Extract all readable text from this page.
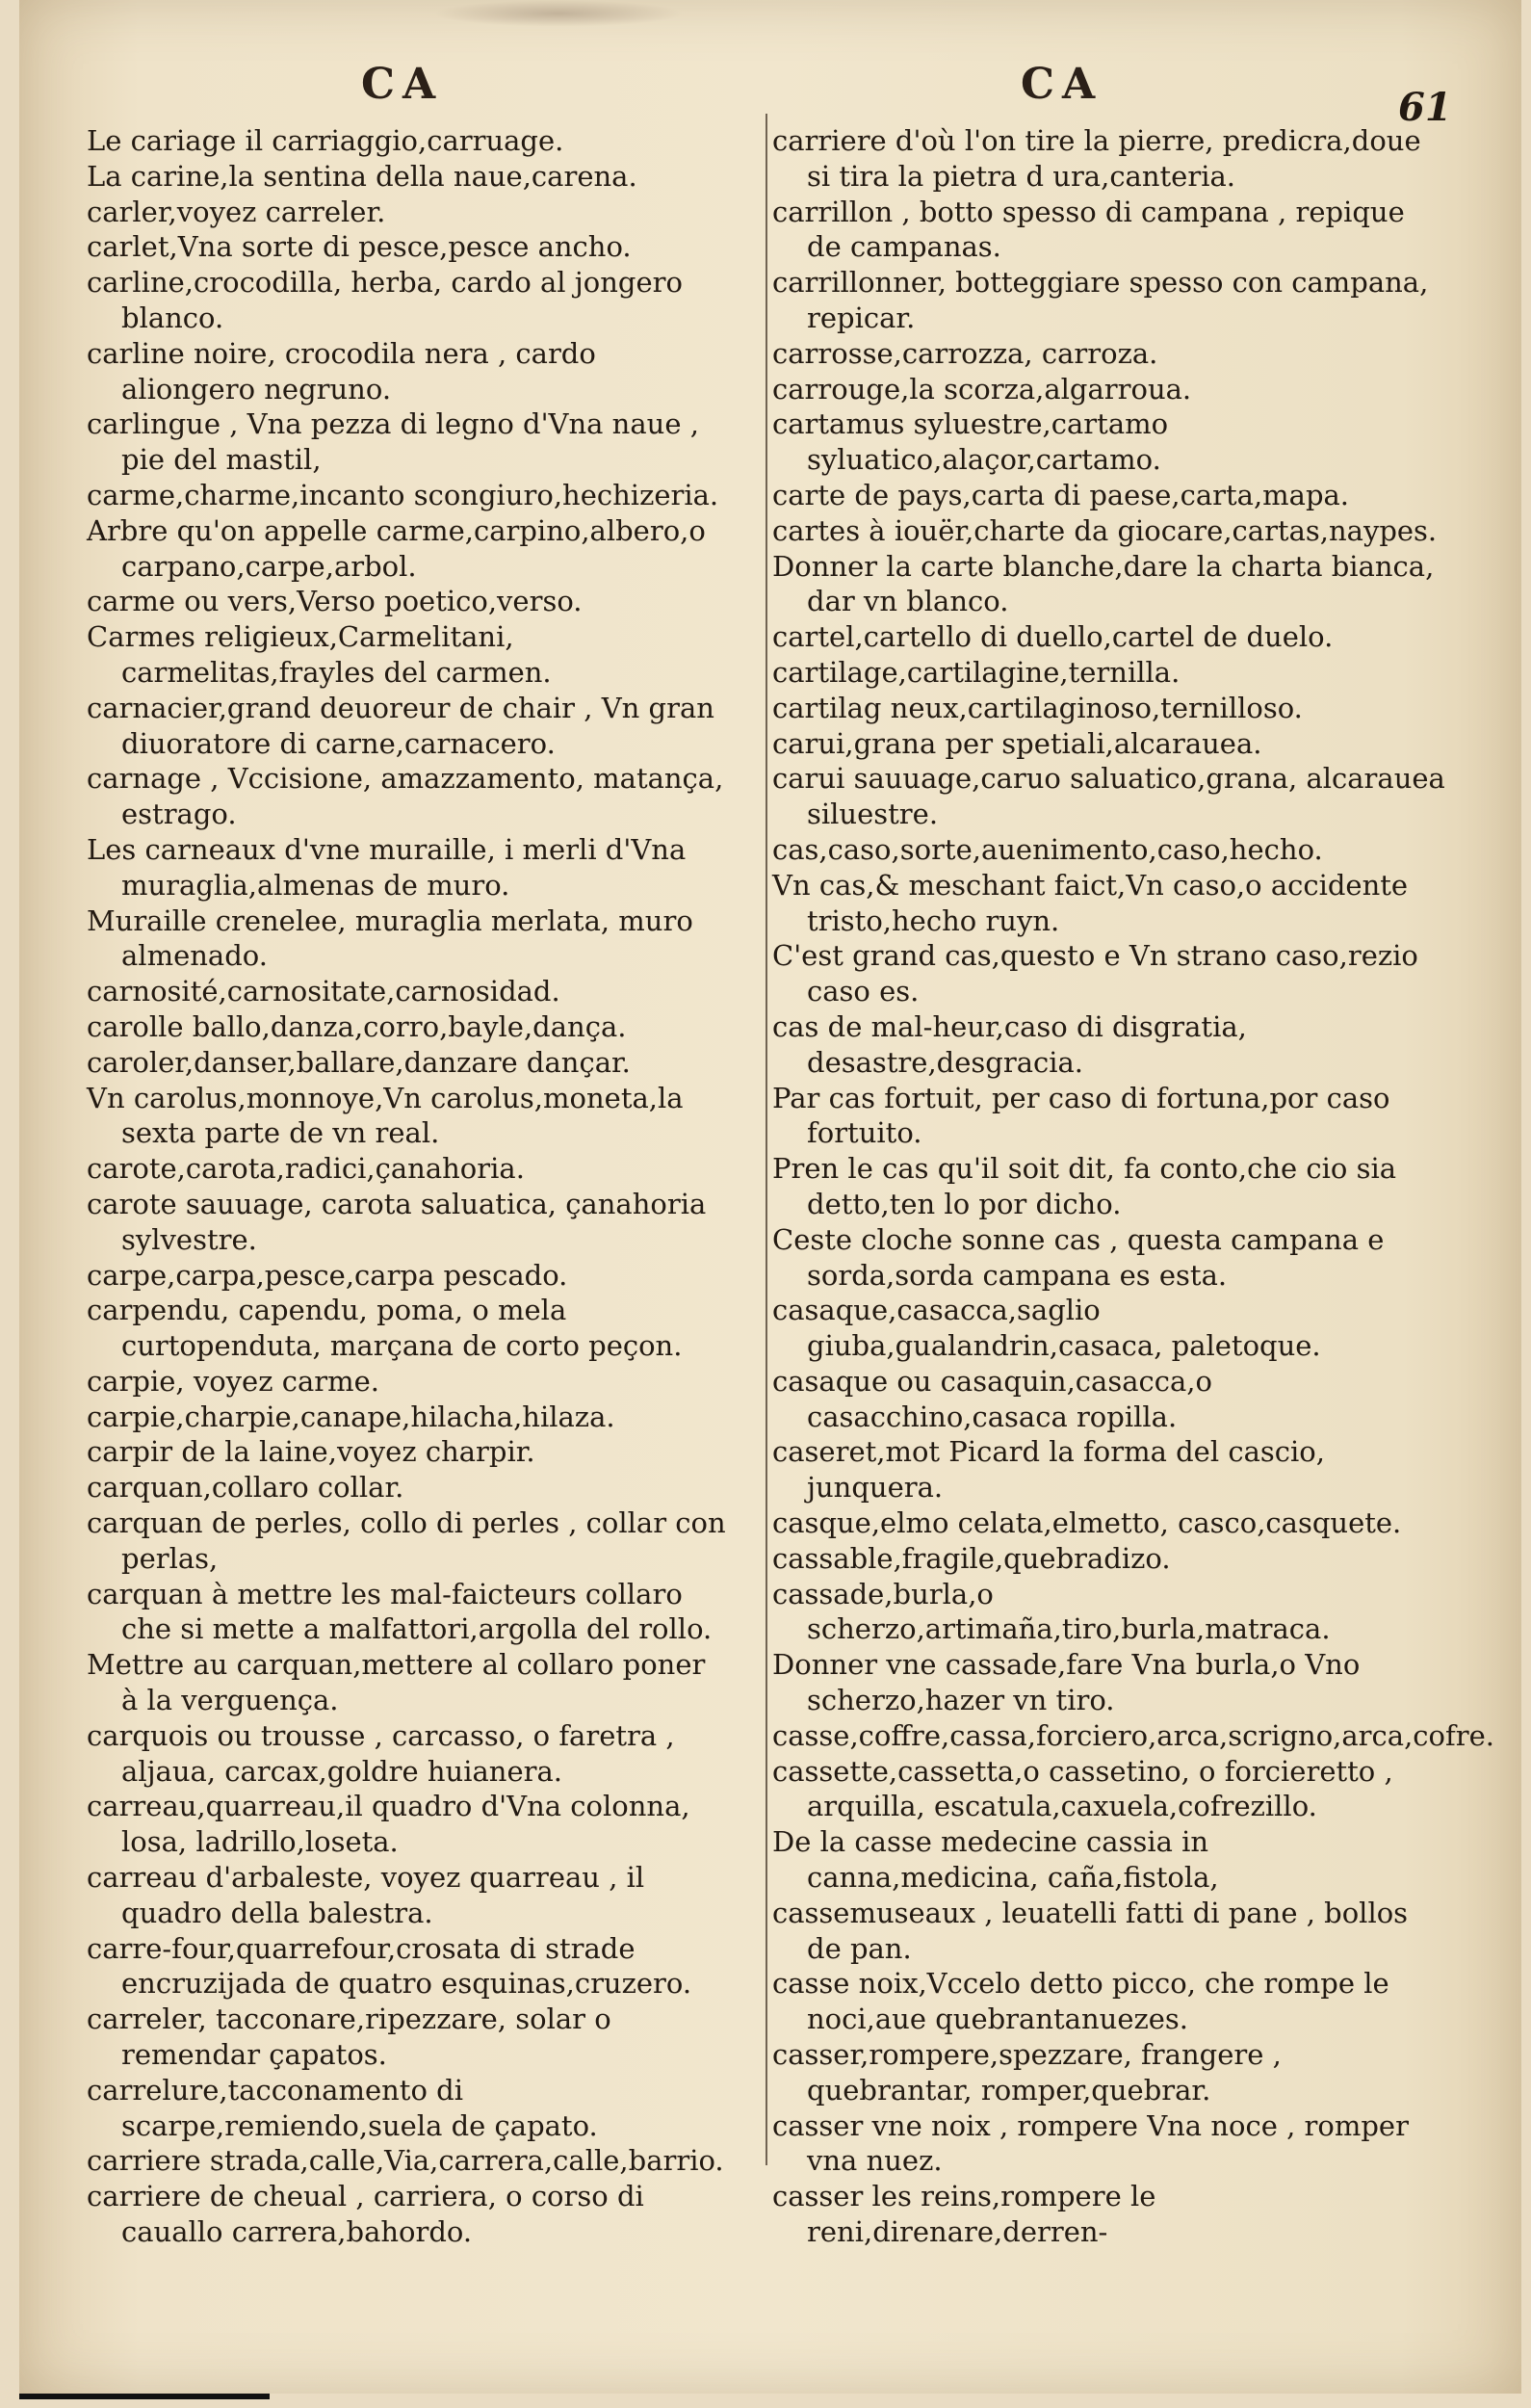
CA	CA	61
Le cariage il carriaggio,carruage.
La carine,la sentina della naue,carena.
carler,voyez carreler.
carlet,Vna sorte di pesce,pesce ancho.
carline,crocodilla, herba, cardo al jongero blanco.
carline noire, crocodila nera , cardo aliongero negruno.
carlingue , Vna pezza di legno d'Vna naue , pie del mastil,
carme,charme,incanto scongiuro,hechizeria.
Arbre qu'on appelle carme,carpino,albero,o carpano,carpe,arbol.
carme ou vers,Verso poetico,verso.
Carmes religieux,Carmelitani, carmelitas,frayles del carmen.
carnacier,grand deuoreur de chair , Vn gran diuoratore di carne,carnacero.
carnage , Vccisione, amazzamento, matança, estrago.
Les carneaux d'vne muraille, i merli d'Vna muraglia,almenas de muro.
Muraille crenelee, muraglia merlata, muro almenado.
carnosité,carnositate,carnosidad.
carolle ballo,danza,corro,bayle,dança.
caroler,danser,ballare,danzare dançar.
Vn carolus,monnoye,Vn carolus,moneta,la sexta parte de vn real.
carote,carota,radici,çanahoria.
carote sauuage, carota saluatica, çanahoria sylvestre.
carpe,carpa,pesce,carpa pescado.
carpendu, capendu, poma, o mela curtopenduta, marçana de corto peçon.
carpie, voyez carme.
carpie,charpie,canape,hilacha,hilaza.
carpir de la laine,voyez charpir.
carquan,collaro collar.
carquan de perles, collo di perles , collar con perlas,
carquan à mettre les mal-faicteurs collaro che si mette a malfattori,argolla del rollo.
Mettre au carquan,mettere al collaro poner à la verguença.
carquois ou trousse , carcasso, o faretra , aljaua, carcax,goldre huianera.
carreau,quarreau,il quadro d'Vna colonna, losa, ladrillo,loseta.
carreau d'arbaleste, voyez quarreau , il quadro della balestra.
carre-four,quarrefour,crosata di strade encruzijada de quatro esquinas,cruzero.
carreler, tacconare,ripezzare, solar o remendar çapatos.
carrelure,tacconamento di scarpe,remiendo,suela de çapato.
carriere strada,calle,Via,carrera,calle,barrio.
carriere de cheual , carriera, o corso di cauallo carrera,bahordo.
carriere d'où l'on tire la pierre, predicra,doue si tira la pietra d ura,canteria.
carrillon , botto spesso di campana , repique de campanas.
carrillonner, botteggiare spesso con campana, repicar.
carrosse,carrozza, carroza.
carrouge,la scorza,algarroua.
cartamus syluestre,cartamo syluatico,alaçor,cartamo.
carte de pays,carta di paese,carta,mapa.
cartes à iouër,charte da giocare,cartas,naypes.
Donner la carte blanche,dare la charta bianca, dar vn blanco.
cartel,cartello di duello,cartel de duelo.
cartilage,cartilagine,ternilla.
cartilag neux,cartilaginoso,ternilloso.
carui,grana per spetiali,alcarauea.
carui sauuage,caruo saluatico,grana, alcarauea siluestre.
cas,caso,sorte,auenimento,caso,hecho.
Vn cas,& meschant faict,Vn caso,o accidente tristo,hecho ruyn.
C'est grand cas,questo e Vn strano caso,rezio caso es.
cas de mal-heur,caso di disgratia, desastre,desgracia.
Par cas fortuit, per caso di fortuna,por caso fortuito.
Pren le cas qu'il soit dit, fa conto,che cio sia detto,ten lo por dicho.
Ceste cloche sonne cas , questa campana e sorda,sorda campana es esta.
casaque,casacca,saglio giuba,gualandrin,casaca, paletoque.
casaque ou casaquin,casacca,o casacchino,casaca ropilla.
caseret,mot Picard la forma del cascio, junquera.
casque,elmo celata,elmetto, casco,casquete.
cassable,fragile,quebradizo.
cassade,burla,o scherzo,artimaña,tiro,burla,matraca.
Donner vne cassade,fare Vna burla,o Vno scherzo,hazer vn tiro.
casse,coffre,cassa,forciero,arca,scrigno,arca,cofre.
cassette,cassetta,o cassetino, o forcieretto , arquilla, escatula,caxuela,cofrezillo.
De la casse medecine cassia in canna,medicina, caña,fistola,
cassemuseaux , leuatelli fatti di pane , bollos de pan.
casse noix,Vccelo detto picco, che rompe le noci,aue quebrantanuezes.
casser,rompere,spezzare, frangere , quebrantar, romper,quebrar.
casser vne noix , rompere Vna noce , romper vna nuez.
casser les reins,rompere le reni,direnare,derren-
